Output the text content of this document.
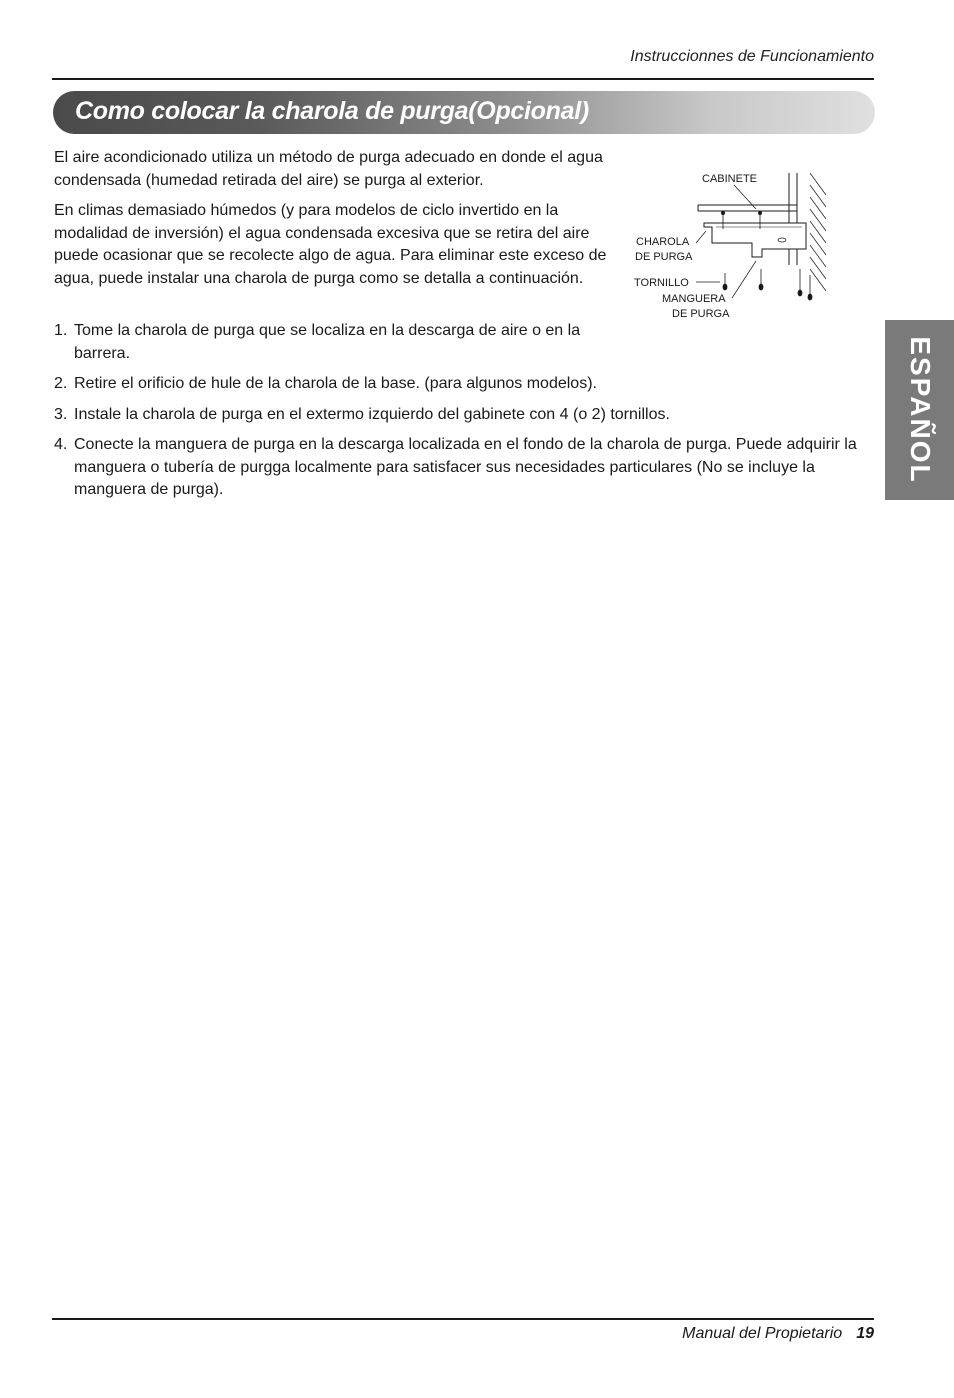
Instruccionnes de Funcionamiento
Como colocar la charola de purga(Opcional)

El aire acondicionado utiliza un método de purga adecuado en donde el agua condensada (humedad retirada del aire) se purga al exterior.

En climas demasiado húmedos (y para modelos de ciclo invertido en la modalidad de inversión) el agua condensada excesiva que se retira del aire puede ocasionar que se recolecte algo de agua. Para eliminar este exceso de agua, puede instalar una charola de purga como se detalla a continuación.

CABINETE
CHAROLA
DE PURGA
TORNILLO
MANGUERA
DE PURGA
1. Tome la charola de purga que se localiza en la descarga de aire o en la barrera.
2. Retire el orificio de hule de la charola de la base. (para algunos modelos).
3. Instale la charola de purga en el extermo izquierdo del gabinete con 4 (o 2) tornillos.
4. Conecte la manguera de purga en la descarga localizada en el fondo de la charola de purga. Puede adquirir la manguera o tubería de purgga localmente para satisfacer sus necesidades particulares (No se incluye la manguera de purga).
ESPAÑOL
Manual del Propietario 19
